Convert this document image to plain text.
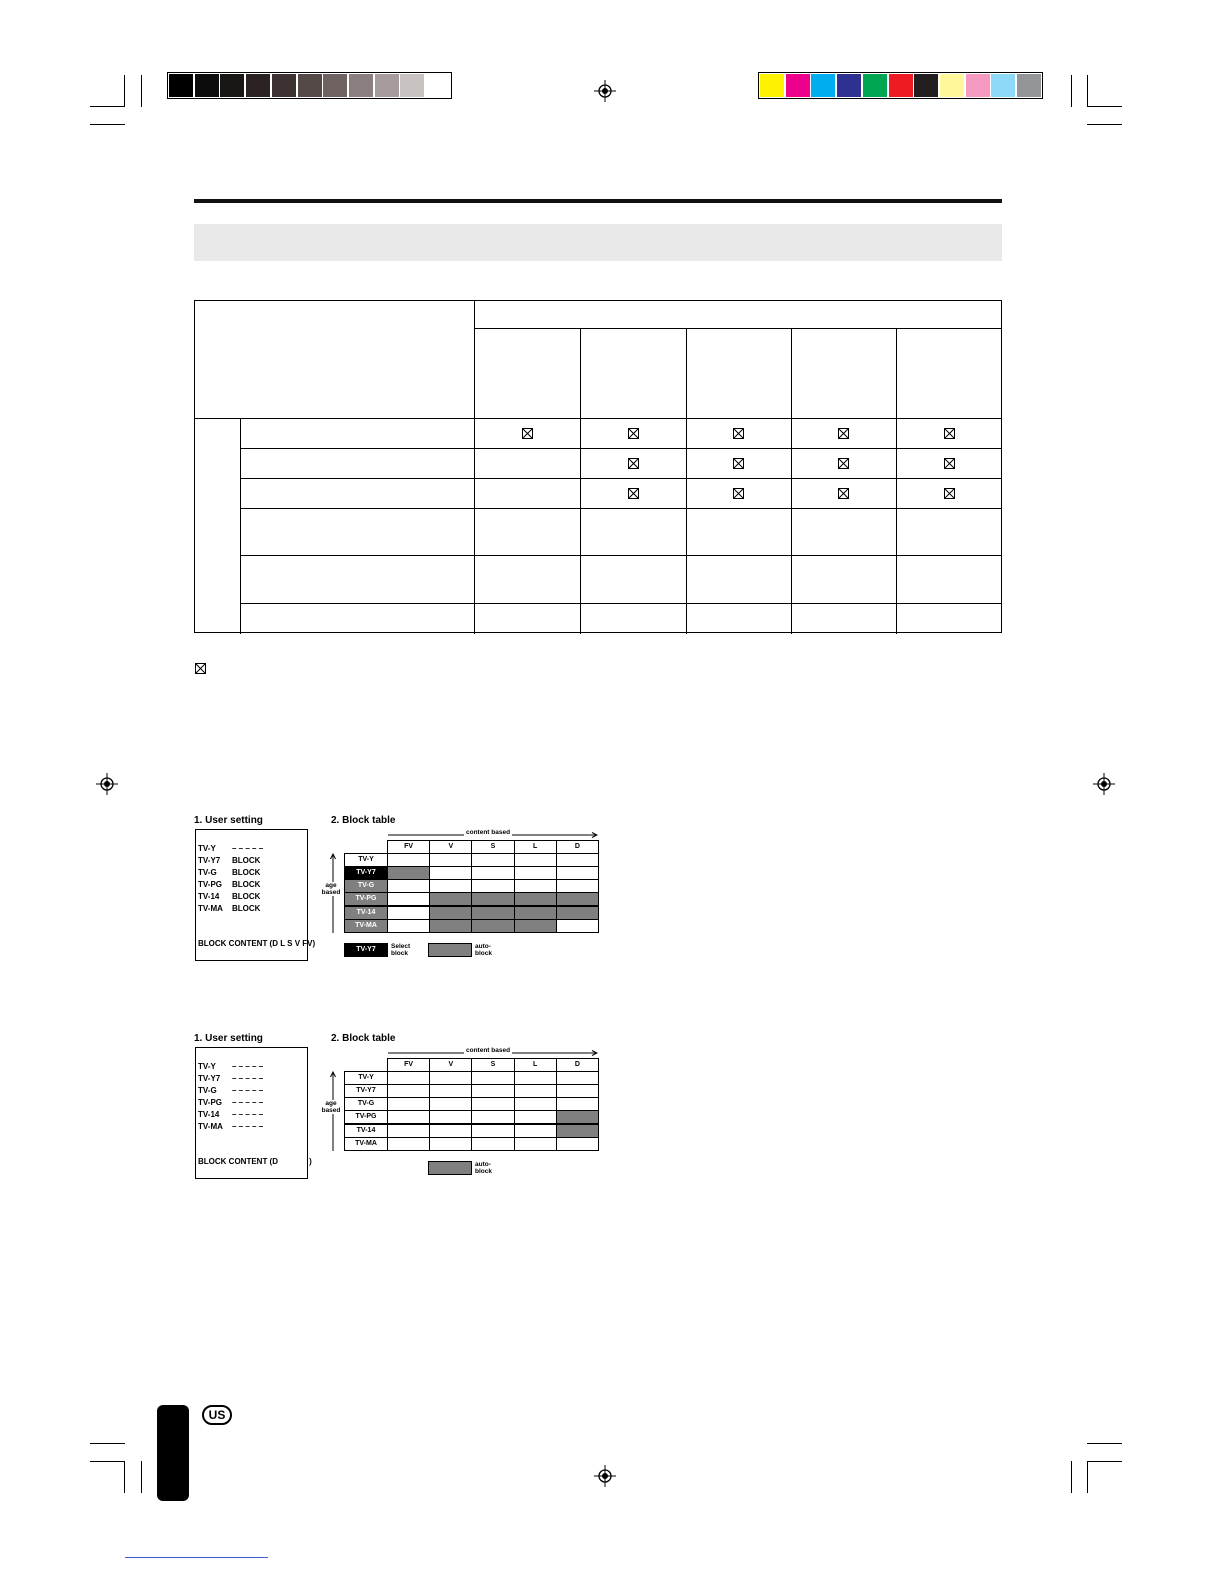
1. User setting	2. Block table
TV-Y – – – – –
TV-Y7 BLOCK
TV-G BLOCK
TV-PG BLOCK
TV-14 BLOCK
TV-MA BLOCK
BLOCK CONTENT (D L S V FV)
content based
age
based
FV	V	S	L	D
TV-Y
TV-Y7
TV-G
TV-PG
TV-14
TV-MA
TV-Y7	Select
block
auto-
block
1. User setting	2. Block table
TV-Y – – – – –
TV-Y7 – – – – –
TV-G – – – – –
TV-PG – – – – –
TV-14 – – – – –
TV-MA – – – – –
BLOCK CONTENT (D              )
content based
age
based
FV	V	S	L	D
TV-Y
TV-Y7
TV-G
TV-PG
TV-14
TV-MA
auto-
block
US
